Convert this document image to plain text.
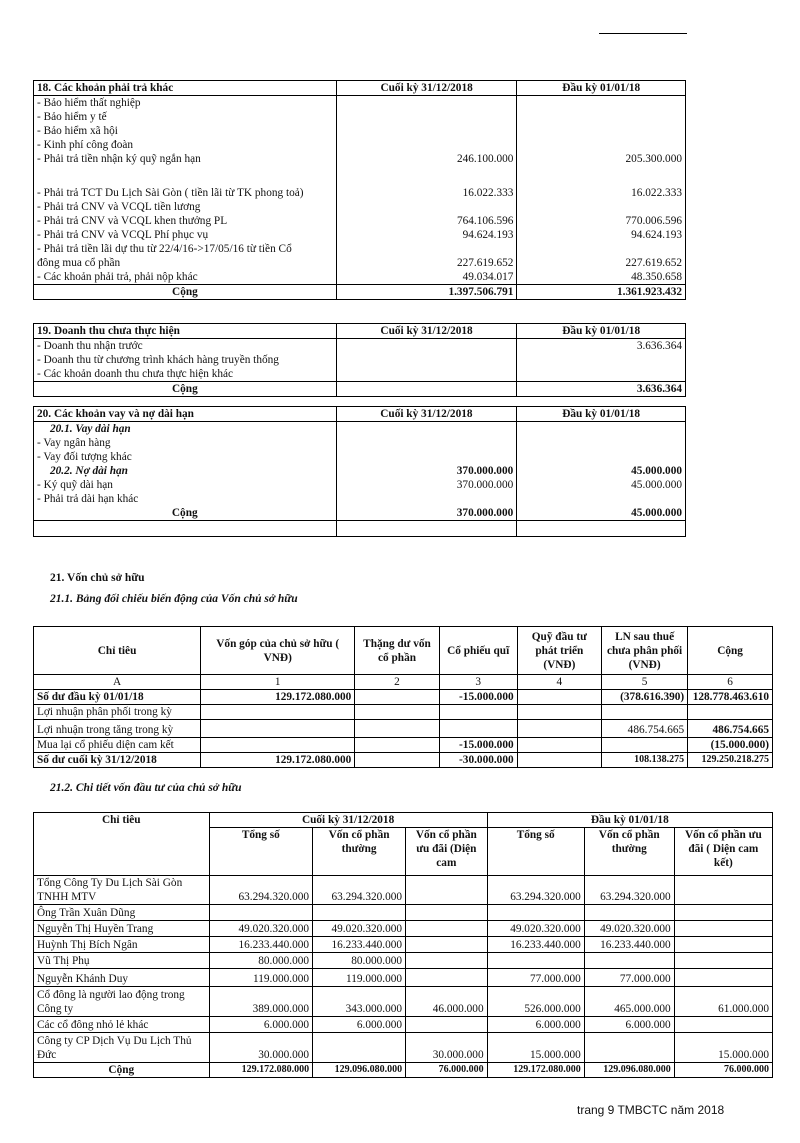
18. Các khoản phải trả khác	Cuối kỳ 31/12/2018	Đầu kỳ 01/01/18
- Bảo hiểm thất nghiệp		
- Bảo hiểm y tế		
- Bảo hiểm xã hội		
- Kinh phí công đoàn		
- Phải trả tiền nhận ký quỹ ngắn hạn	246.100.000	205.300.000

- Phải trả TCT Du Lịch Sài Gòn ( tiền lãi từ TK phong toả)	16.022.333	16.022.333
- Phải trả CNV và VCQL tiền lương		
- Phải trả CNV và VCQL khen thưởng PL	764.106.596	770.006.596
- Phải trả CNV và VCQL Phí phục vụ	94.624.193	94.624.193
- Phải trả tiền lãi dự thu từ 22/4/16->17/05/16 từ tiền Cổ		
đông mua cổ phần	227.619.652	227.619.652
- Các khoản phải trả, phải nộp khác	49.034.017	48.350.658
Cộng	1.397.506.791	1.361.923.432
19. Doanh thu chưa thực hiện	Cuối kỳ 31/12/2018	Đầu kỳ 01/01/18
- Doanh thu nhận trước		3.636.364
- Doanh thu từ chương trình khách hàng truyền thống		
- Các khoản doanh thu chưa thực hiện khác		
Cộng		3.636.364
20. Các khoản vay và nợ dài hạn	Cuối kỳ 31/12/2018	Đầu kỳ 01/01/18
20.1. Vay dài hạn		
- Vay ngân hàng		
- Vay đối tượng khác		
20.2. Nợ dài hạn	370.000.000	45.000.000
- Ký quỹ dài hạn	370.000.000	45.000.000
- Phải trả dài hạn khác		
Cộng	370.000.000	45.000.000

21. Vốn chủ sở hữu
21.1. Bảng đối chiếu biến động của Vốn chủ sở hữu
Chỉ tiêu	Vốn góp của chủ sở hữu ( VNĐ)	Thặng dư vốn cổ phần	Cổ phiếu quĩ	Quỹ đầu tư phát triển (VNĐ)	LN sau thuế chưa phân phối (VNĐ)	Cộng
A	1	2	3	4	5	6
Số dư đầu kỳ 01/01/18	129.172.080.000		-15.000.000		(378.616.390)	128.778.463.610
Lợi nhuận phân phối trong kỳ						
Lợi nhuận trong tăng trong kỳ					486.754.665	486.754.665
Mua lại cổ phiếu diện cam kết			-15.000.000			(15.000.000)
Số dư cuối kỳ 31/12/2018	129.172.080.000		-30.000.000		108.138.275	129.250.218.275
21.2. Chi tiết vốn đầu tư của chủ sở hữu
Chỉ tiêu	Cuối kỳ 31/12/2018			Đầu kỳ 01/01/18		
	Tổng số	Vốn cổ phần thường	Vốn cổ phần ưu đãi (Diện cam	Tổng số	Vốn cổ phần thường	Vốn cổ phần ưu đãi ( Diện cam kết)
Tổng Công Ty Du Lịch Sài Gòn TNHH MTV	63.294.320.000	63.294.320.000		63.294.320.000	63.294.320.000	
Ông Trần Xuân Dũng						
Nguyễn Thị Huyền Trang	49.020.320.000	49.020.320.000		49.020.320.000	49.020.320.000	
Huỳnh Thị Bích Ngân	16.233.440.000	16.233.440.000		16.233.440.000	16.233.440.000	
Vũ Thị Phụ	80.000.000	80.000.000				
Nguyễn Khánh Duy	119.000.000	119.000.000		77.000.000	77.000.000	
Cổ đông là người lao động trong Công ty	389.000.000	343.000.000	46.000.000	526.000.000	465.000.000	61.000.000
Các cổ đông nhỏ lẻ khác	6.000.000	6.000.000		6.000.000	6.000.000	
Công ty CP Dịch Vụ Du Lịch Thủ Đức	30.000.000		30.000.000	15.000.000		15.000.000
Cộng	129.172.080.000	129.096.080.000	76.000.000	129.172.080.000	129.096.080.000	76.000.000
trang 9 TMBCTC năm 2018
